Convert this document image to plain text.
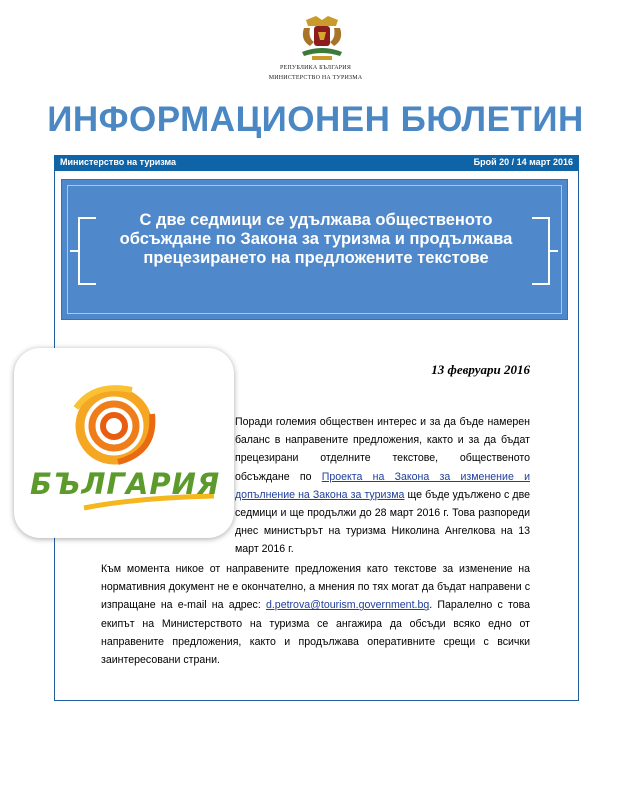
РЕПУБЛИКА БЪЛГАРИЯ
МИНИСТЕРСТВО НА ТУРИЗМА
ИНФОРМАЦИОНЕН БЮЛЕТИН
Министерство на туризма	Брой 20 / 14 март 2016
С две седмици се удължава общественото обсъждане по Закона за туризма и продължава прецезирането на предложените текстове
13 февруари 2016
БЪЛГАРИЯ
Поради големия обществен интерес и за да бъде намерен баланс в направените предложения, както и за да бъдат прецезирани отделните текстове, общественото обсъждане по Проекта на Закона за изменение и допълнение на Закона за туризма ще бъде удължено с две седмици и ще продължи до 28 март 2016 г. Това разпореди днес министърът на туризма Николина Ангелкова на 13 март 2016 г.
Към момента никое от направените предложения като текстове за изменение на нормативния документ не е окончателно, а мнения по тях могат да бъдат направени с изпращане на e-mail на адрес: d.petrova@tourism.government.bg. Паралелно с това екипът на Министерството на туризма се ангажира да обсъди всяко едно от направените предложения, както и продължава оперативните срещи с всички заинтересовани страни.
